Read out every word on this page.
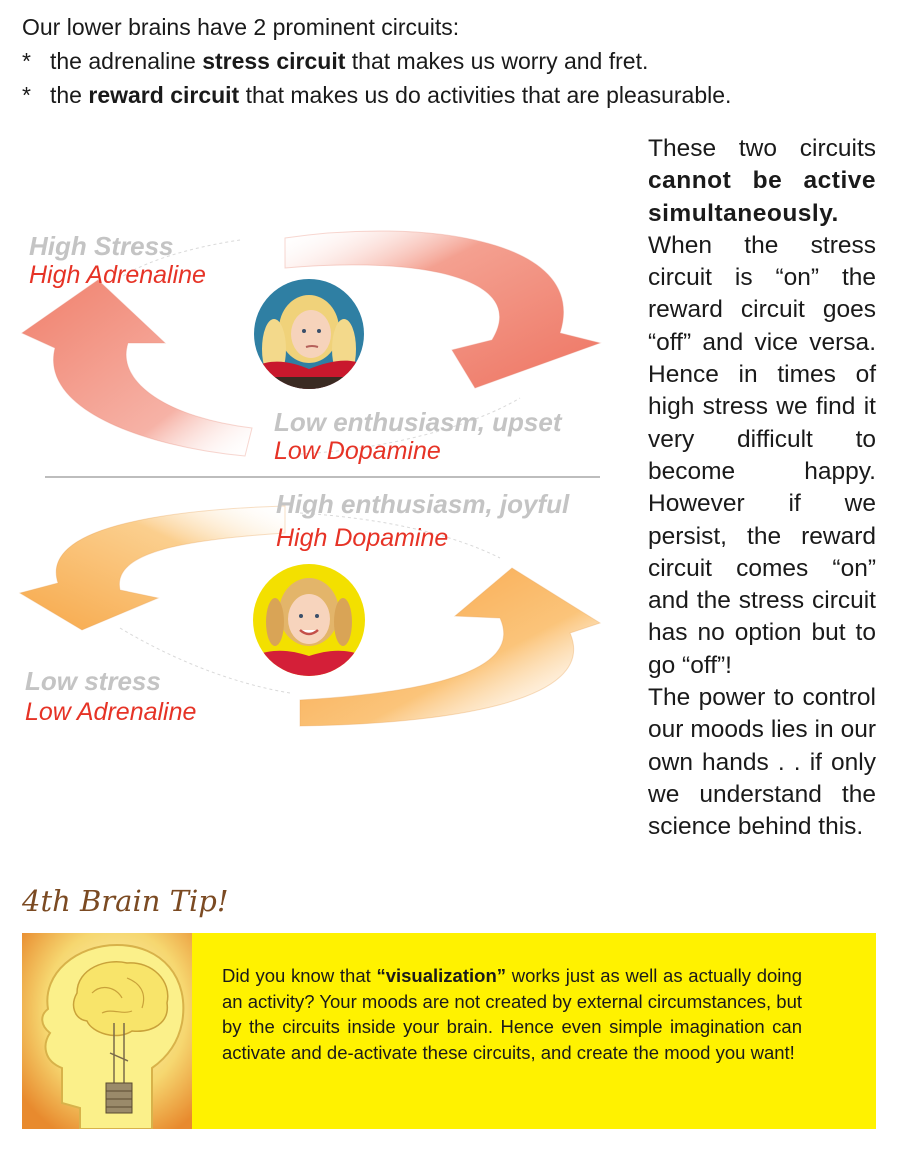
Our lower brains have 2 prominent circuits:

* the adrenaline stress circuit that makes us worry and fret.
* the reward circuit that makes us do activities that are pleasurable.
High Stress
High Adrenaline
Low enthusiasm, upset
Low Dopamine
High enthusiasm, joyful
High Dopamine
Low stress
Low Adrenaline

These two circuits cannot be active simultaneously. When the stress circuit is “on” the reward circuit goes “off” and vice versa. Hence in times of high stress we find it very difficult to become happy. However if we persist, the reward circuit comes “on” and the stress circuit has no option but to go “off”!

The power to control our moods lies in our own hands . . if only we understand the science behind this.

4th Brain Tip!
Did you know that “visualization” works just as well as actually doing an activity? Your moods are not created by external circumstances, but by the circuits inside your brain. Hence even simple imagination can activate and de-activate these circuits, and create the mood you want!
